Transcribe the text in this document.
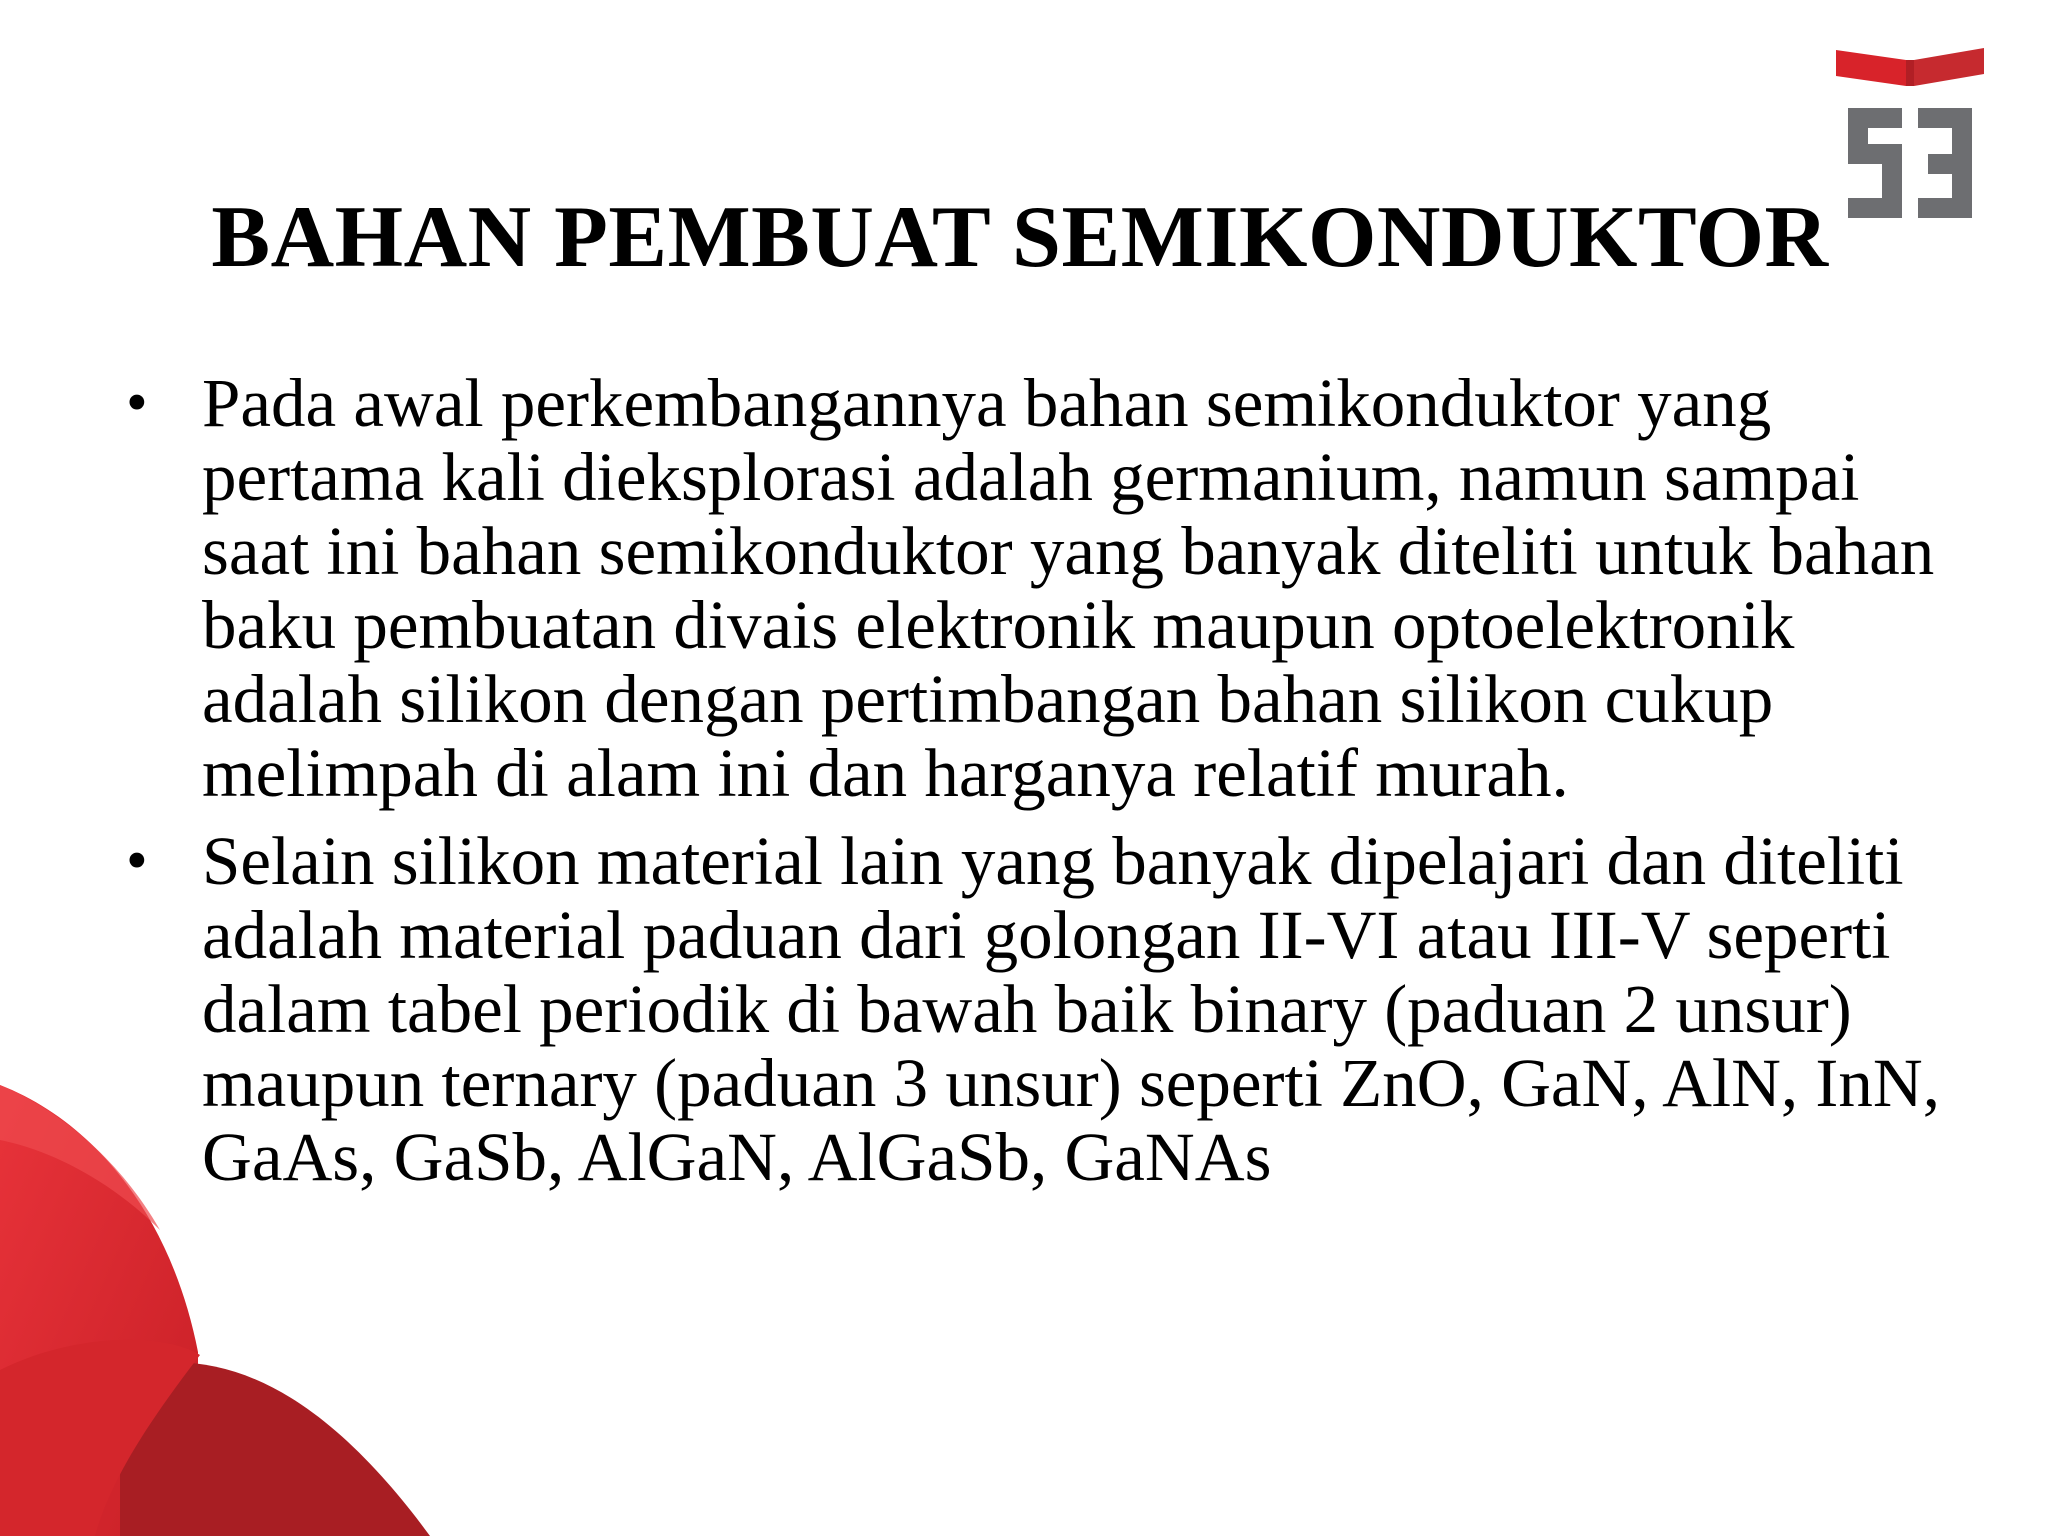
BAHAN PEMBUAT SEMIKONDUKTOR
• Pada awal perkembangannya bahan semikonduktor yang pertama kali dieksplorasi adalah germanium, namun sampai saat ini bahan semikonduktor yang banyak diteliti untuk bahan baku pembuatan divais elektronik maupun optoelektronik adalah silikon dengan pertimbangan bahan silikon cukup melimpah di alam ini dan harganya relatif murah.
• Selain silikon material lain yang banyak dipelajari dan diteliti adalah material paduan dari golongan II-VI atau III-V seperti dalam tabel periodik di bawah baik binary (paduan 2 unsur) maupun ternary (paduan 3 unsur) seperti ZnO, GaN, AlN, InN, GaAs, GaSb, AlGaN, AlGaSb, GaNAs
